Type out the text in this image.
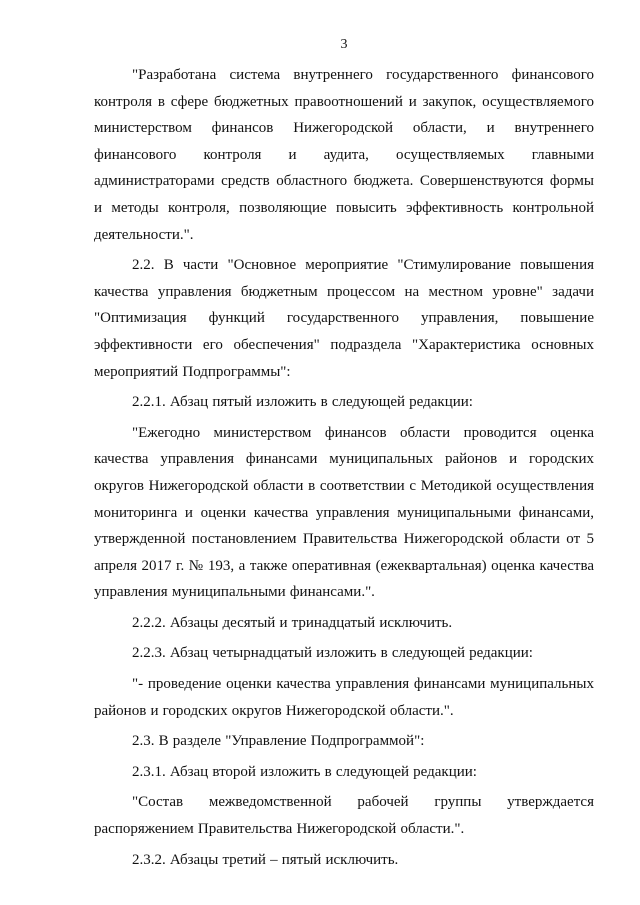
3

"Разработана система внутреннего государственного финансового контроля в сфере бюджетных правоотношений и закупок, осуществляемого министерством финансов Нижегородской области, и внутреннего финансового контроля и аудита, осуществляемых главными администраторами средств областного бюджета. Совершенствуются формы и методы контроля, позволяющие повысить эффективность контрольной деятельности.".

2.2. В части "Основное мероприятие "Стимулирование повышения качества управления бюджетным процессом на местном уровне" задачи "Оптимизация функций государственного управления, повышение эффективности его обеспечения" подраздела "Характеристика основных мероприятий Подпрограммы":

2.2.1. Абзац пятый изложить в следующей редакции:

"Ежегодно министерством финансов области проводится оценка качества управления финансами муниципальных районов и городских округов Нижегородской области в соответствии с Методикой осуществления мониторинга и оценки качества управления муниципальными финансами, утвержденной постановлением Правительства Нижегородской области от 5 апреля 2017 г. № 193, а также оперативная (ежеквартальная) оценка качества управления муниципальными финансами.".

2.2.2. Абзацы десятый и тринадцатый исключить.

2.2.3. Абзац четырнадцатый изложить в следующей редакции:

"- проведение оценки качества управления финансами муниципальных районов и городских округов Нижегородской области.".

2.3. В разделе "Управление Подпрограммой":

2.3.1. Абзац второй изложить в следующей редакции:

"Состав межведомственной рабочей группы утверждается распоряжением Правительства Нижегородской области.".

2.3.2. Абзацы третий – пятый исключить.
